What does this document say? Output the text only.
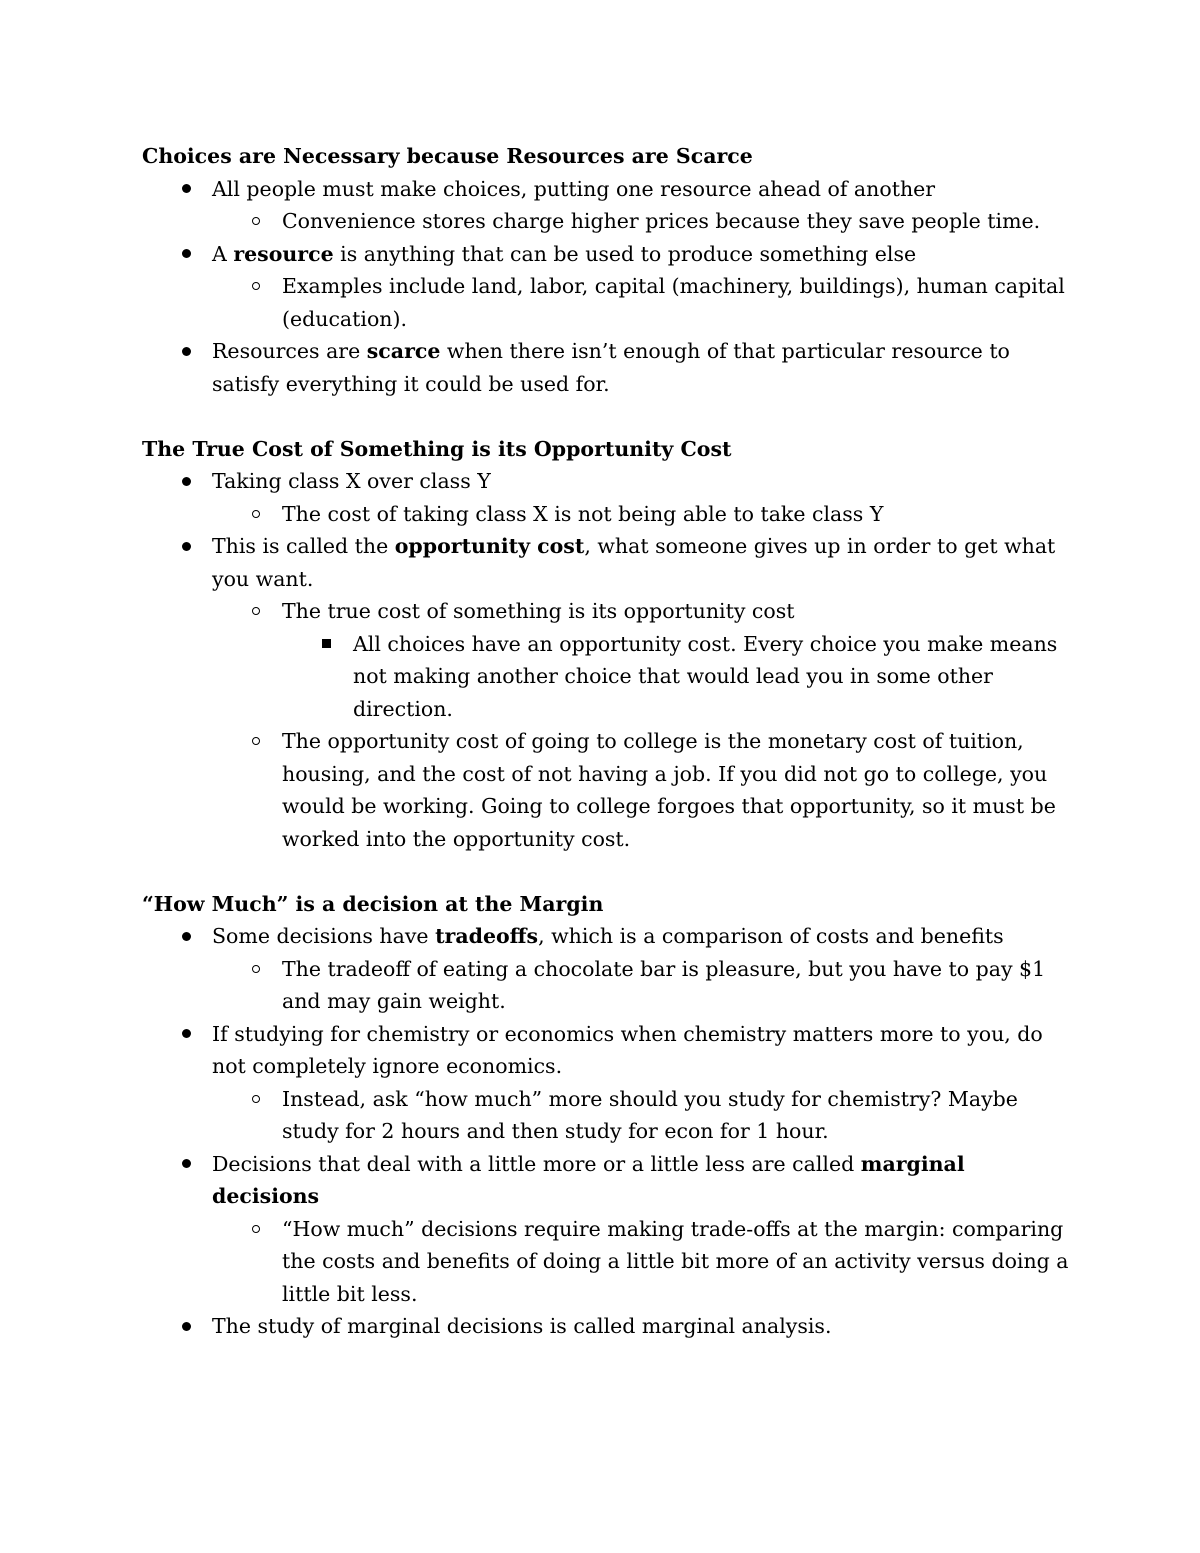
Choices are Necessary because Resources are Scarce

All people must make choices, putting one resource ahead of another
Convenience stores charge higher prices because they save people time.
A resource is anything that can be used to produce something else
Examples include land, labor, capital (machinery, buildings), human capital (education).
Resources are scarce when there isn’t enough of that particular resource to satisfy everything it could be used for.

The True Cost of Something is its Opportunity Cost

Taking class X over class Y
The cost of taking class X is not being able to take class Y
This is called the opportunity cost, what someone gives up in order to get what you want.
The true cost of something is its opportunity cost
All choices have an opportunity cost. Every choice you make means not making another choice that would lead you in some other direction.
The opportunity cost of going to college is the monetary cost of tuition, housing, and the cost of not having a job. If you did not go to college, you would be working. Going to college forgoes that opportunity, so it must be worked into the opportunity cost.

“How Much” is a decision at the Margin

Some decisions have tradeoffs, which is a comparison of costs and benefits
The tradeoff of eating a chocolate bar is pleasure, but you have to pay $1 and may gain weight.
If studying for chemistry or economics when chemistry matters more to you, do not completely ignore economics.
Instead, ask “how much” more should you study for chemistry? Maybe study for 2 hours and then study for econ for 1 hour.
Decisions that deal with a little more or a little less are called marginal decisions
“How much” decisions require making trade-offs at the margin: comparing the costs and benefits of doing a little bit more of an activity versus doing a little bit less.
The study of marginal decisions is called marginal analysis.
